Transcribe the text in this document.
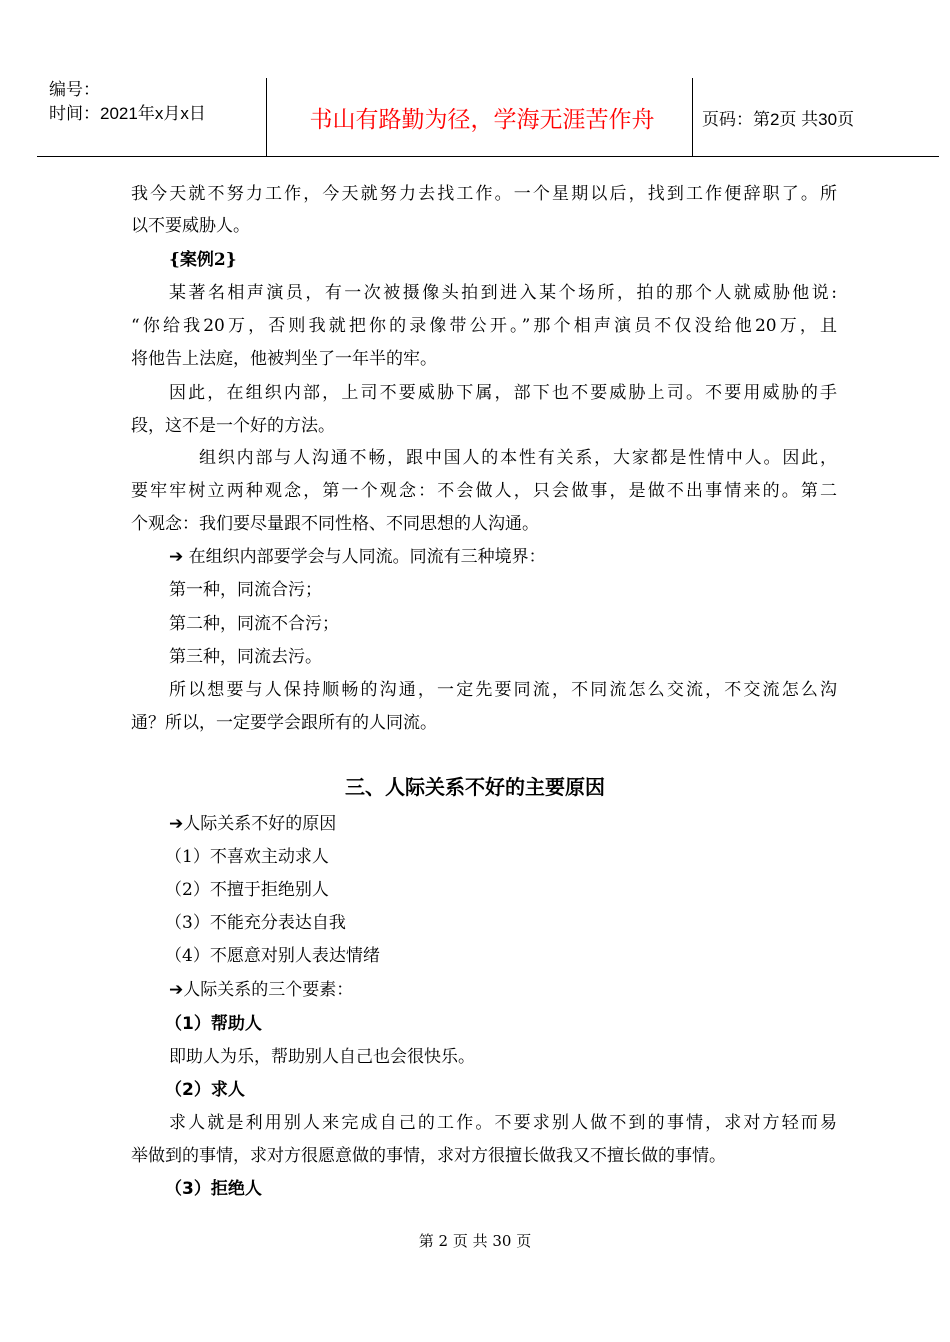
编号：
时间：2021年x月x日	书山有路勤为径，学海无涯苦作舟	页码：第2页 共30页
我今天就不努力工作，今天就努力去找工作。一个星期以后，找到工作便辞职了。所
以不要威胁人。
{案例2}
某著名相声演员，有一次被摄像头拍到进入某个场所，拍的那个人就威胁他说:
“你给我20万，否则我就把你的录像带公开。”那个相声演员不仅没给他20万，且
将他告上法庭，他被判坐了一年半的牢。
因此，在组织内部，上司不要威胁下属，部下也不要威胁上司。不要用威胁的手
段，这不是一个好的方法。
组织内部与人沟通不畅，跟中国人的本性有关系，大家都是性情中人。因此，
要牢牢树立两种观念，第一个观念：不会做人，只会做事，是做不出事情来的。第二
个观念：我们要尽量跟不同性格、不同思想的人沟通。
➔ 在组织内部要学会与人同流。同流有三种境界：
第一种，同流合污；
第二种，同流不合污；
第三种，同流去污。
所以想要与人保持顺畅的沟通，一定先要同流，不同流怎么交流，不交流怎么沟
通？所以，一定要学会跟所有的人同流。
三、人际关系不好的主要原因
➔人际关系不好的原因
（1）不喜欢主动求人
（2）不擅于拒绝别人
（3）不能充分表达自我
（4）不愿意对别人表达情绪
➔人际关系的三个要素：
（1）帮助人
即助人为乐，帮助别人自己也会很快乐。
（2）求人
求人就是利用别人来完成自己的工作。不要求别人做不到的事情，求对方轻而易
举做到的事情，求对方很愿意做的事情，求对方很擅长做我又不擅长做的事情。
（3）拒绝人
第 2 页 共 30 页
